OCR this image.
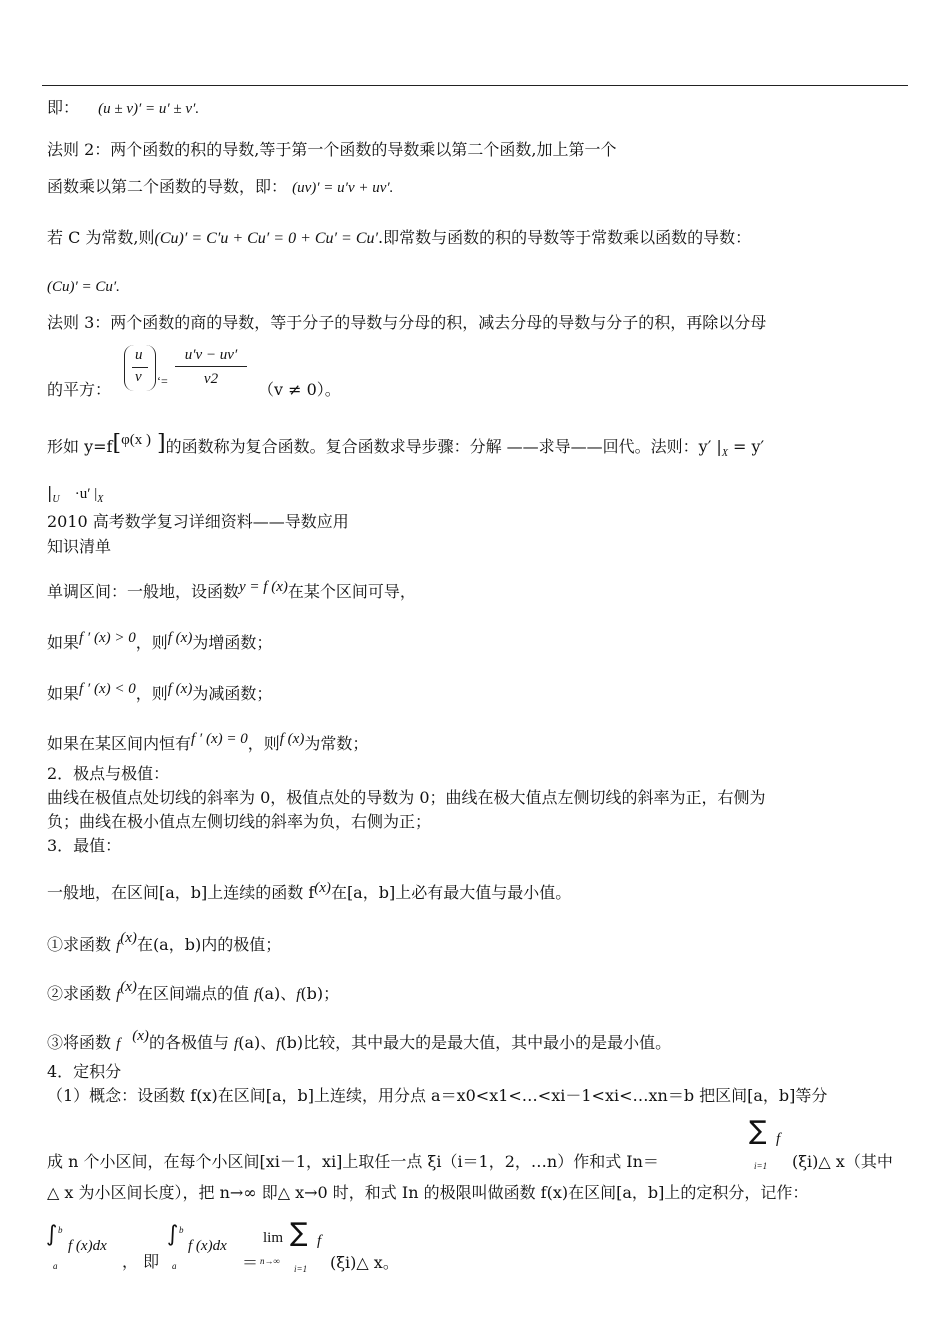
即： (u ± v)′ = u′ ± v′.
法则 2：两个函数的积的导数,等于第一个函数的导数乘以第二个函数,加上第一个
函数乘以第二个函数的导数，即： (uv)′ = u′v + uv′.
若 C 为常数,则(Cu)′ = C′u + Cu′ = 0 + Cu′ = Cu′.即常数与函数的积的导数等于常数乘以函数的导数：
(Cu)′ = Cu′.
法则 3：两个函数的商的导数，等于分子的导数与分母的积，减去分母的导数与分子的积，再除以分母
u
v ‘=
u′v − uv′
v2
的平方：	（v ≠ 0）。
形如 y=f[φ(x ) ]的函数称为复合函数。复合函数求导步骤：分解 ——求导——回代。法则：y′ $|_X = y'$
$|_U \cdot u'$ $|_X$
2010 高考数学复习详细资料——导数应用
知识清单
单调区间：一般地，设函数y = f (x)在某个区间可导，
如果f ′ (x) > 0，则f (x)为增函数；
如果f ′ (x) < 0，则f (x)为减函数；
如果在某区间内恒有f ′ (x) = 0，则f (x)为常数；
2．极点与极值：
曲线在极值点处切线的斜率为 0，极值点处的导数为 0；曲线在极大值点左侧切线的斜率为正，右侧为
负；曲线在极小值点左侧切线的斜率为负，右侧为正；
3．最值：
一般地，在区间[a，b]上连续的函数 f(x)在[a，b]上必有最大值与最小值。
①求函数 f(x)在(a，b)内的极值；
②求函数 f(x)在区间端点的值 f(a)、f(b)；
③将函数 f (x)的各极值与 f(a)、f(b)比较，其中最大的是最大值，其中最小的是最小值。
4．定积分
（1）概念：设函数 f(x)在区间[a，b]上连续，用分点 a＝x0<x1<…<xi－1<xi<…xn＝b 把区间[a，b]等分
∑ f
i=1
成 n 个小区间，在每个小区间[xi－1，xi]上取任一点 ξi（i＝1，2，…n）作和式 In＝	(ξi)△ x（其中
△ x 为小区间长度），把 n→∞ 即△ x→0 时，和式 In 的极限叫做函数 f(x)在区间[a，b]上的定积分，记作：
∫ b
a
f (x)dx
， 即
∫ b
a
f (x)dx
＝
lim
n→∞
∑ f
i=1 (ξi)△ x。
